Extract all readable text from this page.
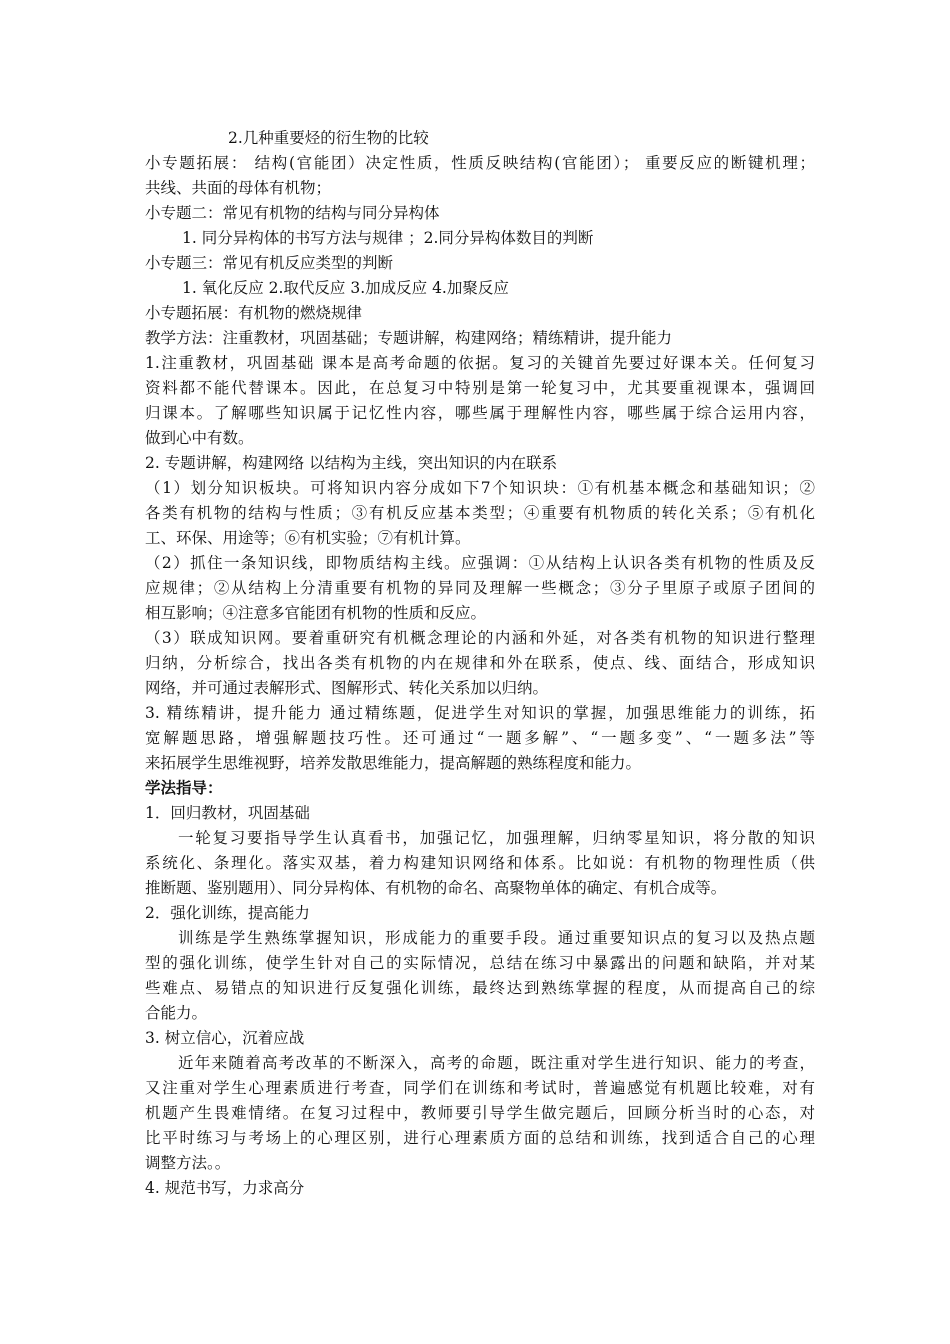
2.几种重要烃的衍生物的比较
小专题拓展： 结构(官能团）决定性质，性质反映结构(官能团）； 重要反应的断键机理；
共线、共面的母体有机物；
小专题二：常见有机物的结构与同分异构体
1. 同分异构体的书写方法与规律 ；2.同分异构体数目的判断
小专题三：常见有机反应类型的判断
1. 氧化反应 2.取代反应 3.加成反应 4.加聚反应
小专题拓展：有机物的燃烧规律
教学方法：注重教材，巩固基础；专题讲解，构建网络；精练精讲，提升能力
1.注重教材，巩固基础 课本是高考命题的依据。复习的关键首先要过好课本关。任何复习
资料都不能代替课本。因此，在总复习中特别是第一轮复习中，尤其要重视课本，强调回
归课本。了解哪些知识属于记忆性内容，哪些属于理解性内容，哪些属于综合运用内容，
做到心中有数。
2. 专题讲解，构建网络 以结构为主线，突出知识的内在联系
（1）划分知识板块。可将知识内容分成如下7个知识块：①有机基本概念和基础知识；②
各类有机物的结构与性质；③有机反应基本类型；④重要有机物质的转化关系；⑤有机化
工、环保、用途等；⑥有机实验；⑦有机计算。
（2）抓住一条知识线，即物质结构主线。应强调：①从结构上认识各类有机物的性质及反
应规律；②从结构上分清重要有机物的异同及理解一些概念；③分子里原子或原子团间的
相互影响；④注意多官能团有机物的性质和反应。
（3）联成知识网。要着重研究有机概念理论的内涵和外延，对各类有机物的知识进行整理
归纳，分析综合，找出各类有机物的内在规律和外在联系，使点、线、面结合，形成知识
网络，并可通过表解形式、图解形式、转化关系加以归纳。
3. 精练精讲，提升能力 通过精练题，促进学生对知识的掌握，加强思维能力的训练，拓
宽解题思路，增强解题技巧性。还可通过“一题多解”、“一题多变”、“一题多法”等
来拓展学生思维视野，培养发散思维能力，提高解题的熟练程度和能力。
学法指导：
1．回归教材，巩固基础
一轮复习要指导学生认真看书，加强记忆，加强理解，归纳零星知识，将分散的知识
系统化、条理化。落实双基，着力构建知识网络和体系。比如说：有机物的物理性质（供
推断题、鉴别题用）、同分异构体、有机物的命名、高聚物单体的确定、有机合成等。
2．强化训练，提高能力
训练是学生熟练掌握知识，形成能力的重要手段。通过重要知识点的复习以及热点题
型的强化训练，使学生针对自己的实际情况，总结在练习中暴露出的问题和缺陷，并对某
些难点、易错点的知识进行反复强化训练，最终达到熟练掌握的程度，从而提高自己的综
合能力。
3. 树立信心，沉着应战
近年来随着高考改革的不断深入，高考的命题，既注重对学生进行知识、能力的考查，
又注重对学生心理素质进行考查，同学们在训练和考试时，普遍感觉有机题比较难，对有
机题产生畏难情绪。在复习过程中，教师要引导学生做完题后，回顾分析当时的心态，对
比平时练习与考场上的心理区别，进行心理素质方面的总结和训练，找到适合自己的心理
调整方法。。
4. 规范书写，力求高分
